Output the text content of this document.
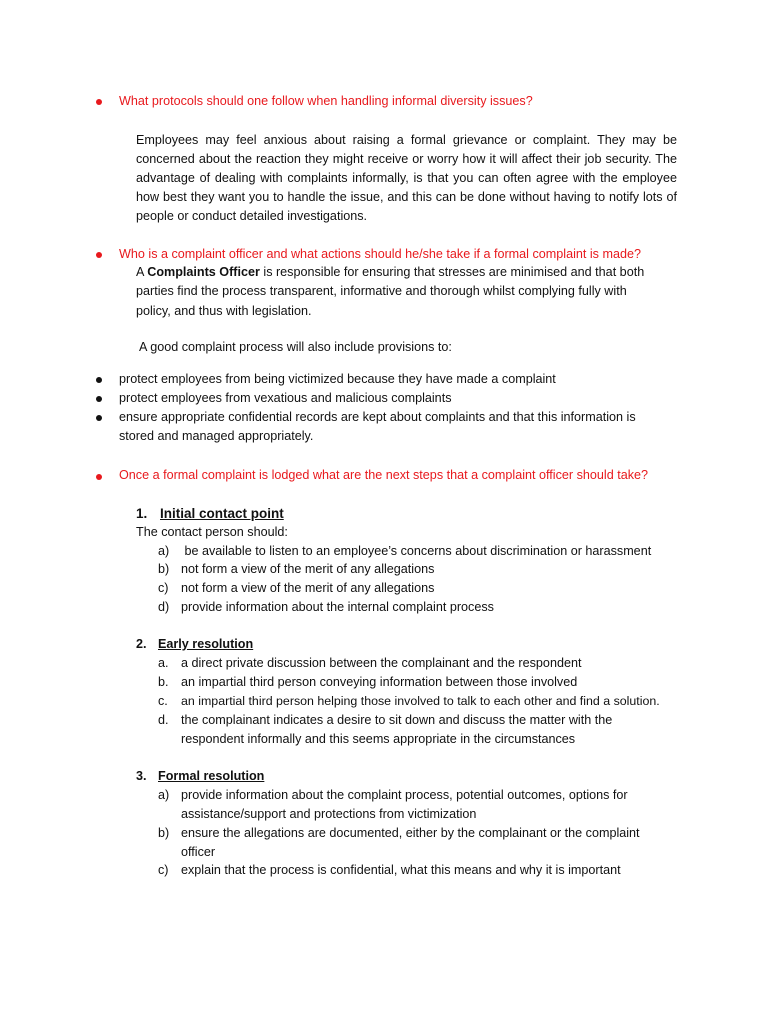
What protocols should one follow when handling informal diversity issues?
Employees may feel anxious about raising a formal grievance or complaint. They may be concerned about the reaction they might receive or worry how it will affect their job security. The advantage of dealing with complaints informally, is that you can often agree with the employee how best they want you to handle the issue, and this can be done without having to notify lots of people or conduct detailed investigations.
Who is a complaint officer and what actions should he/she take if a formal complaint is made?
A Complaints Officer is responsible for ensuring that stresses are minimised and that both
parties find the process transparent, informative and thorough whilst complying fully with
policy, and thus with legislation.
A good complaint process will also include provisions to:
protect employees from being victimized because they have made a complaint
protect employees from vexatious and malicious complaints
ensure appropriate confidential records are kept about complaints and that this information is stored and managed appropriately.
Once a formal complaint is lodged what are the next steps that a complaint officer should take?
1. Initial contact point
The contact person should:
a) be available to listen to an employee’s concerns about discrimination or harassment
b) not form a view of the merit of any allegations
c) not form a view of the merit of any allegations
d) provide information about the internal complaint process
2. Early resolution
a. a direct private discussion between the complainant and the respondent
b. an impartial third person conveying information between those involved
c. an impartial third person helping those involved to talk to each other and find a solution.
d. the complainant indicates a desire to sit down and discuss the matter with the respondent informally and this seems appropriate in the circumstances
3. Formal resolution
a) provide information about the complaint process, potential outcomes, options for assistance/support and protections from victimization
b) ensure the allegations are documented, either by the complainant or the complaint officer
c) explain that the process is confidential, what this means and why it is important
